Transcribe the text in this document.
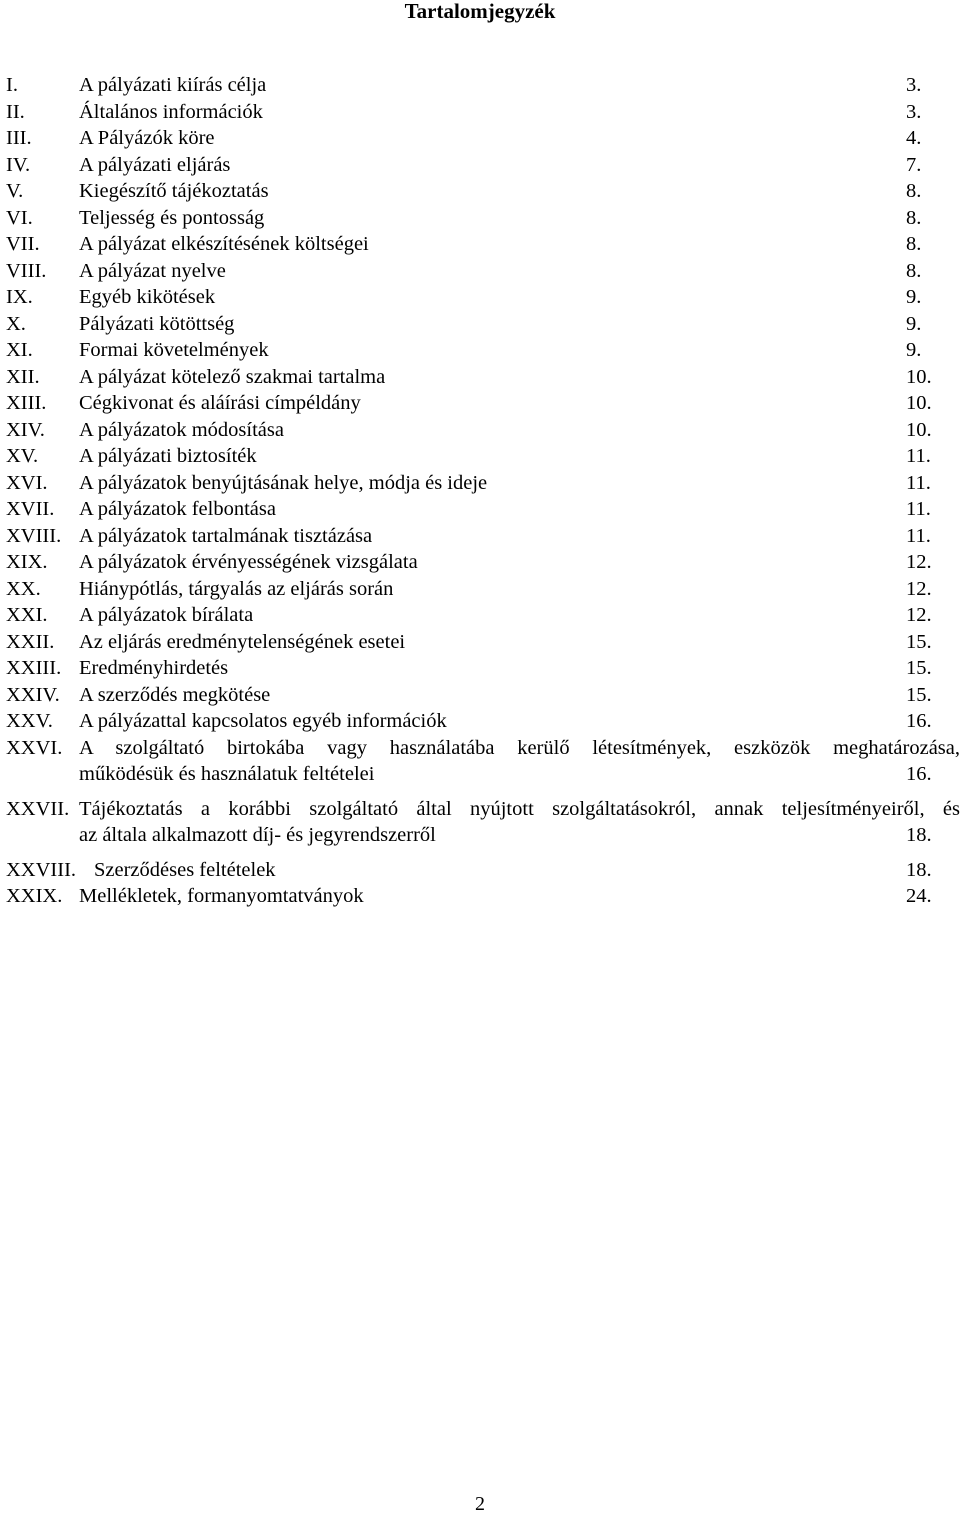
Tartalomjegyzék
I.	A pályázati kiírás célja	3.
II.	Általános információk	3.
III.	A Pályázók köre	4.
IV.	A pályázati eljárás	7.
V.	Kiegészítő tájékoztatás	8.
VI.	Teljesség és pontosság	8.
VII.	A pályázat elkészítésének költségei	8.
VIII.	A pályázat nyelve	8.
IX.	Egyéb kikötések	9.
X.	Pályázati kötöttség	9.
XI.	Formai követelmények	9.
XII.	A pályázat kötelező szakmai tartalma	10.
XIII.	Cégkivonat és aláírási címpéldány	10.
XIV.	A pályázatok módosítása	10.
XV.	A pályázati biztosíték	11.
XVI.	A pályázatok benyújtásának helye, módja és ideje	11.
XVII.	A pályázatok felbontása	11.
XVIII. A pályázatok tartalmának tisztázása	11.
XIX.	A pályázatok érvényességének vizsgálata	12.
XX.	Hiánypótlás, tárgyalás az eljárás során	12.
XXI.	A pályázatok bírálata	12.
XXII.	Az eljárás eredménytelenségének esetei	15.
XXIII. Eredményhirdetés	15.
XXIV. A szerződés megkötése	15.
XXV.	A pályázattal kapcsolatos egyéb információk	16.
XXVI. A szolgáltató birtokába vagy használatába kerülő létesítmények, eszközök meghatározása,
működésük és használatuk feltételei	16.
XXVII. Tájékoztatás a korábbi szolgáltató által nyújtott szolgáltatásokról, annak teljesítményeiről, és
az általa alkalmazott díj- és jegyrendszerről	18.
XXVIII. Szerződéses feltételek	18.
XXIX. Mellékletek, formanyomtatványok	24.
2
